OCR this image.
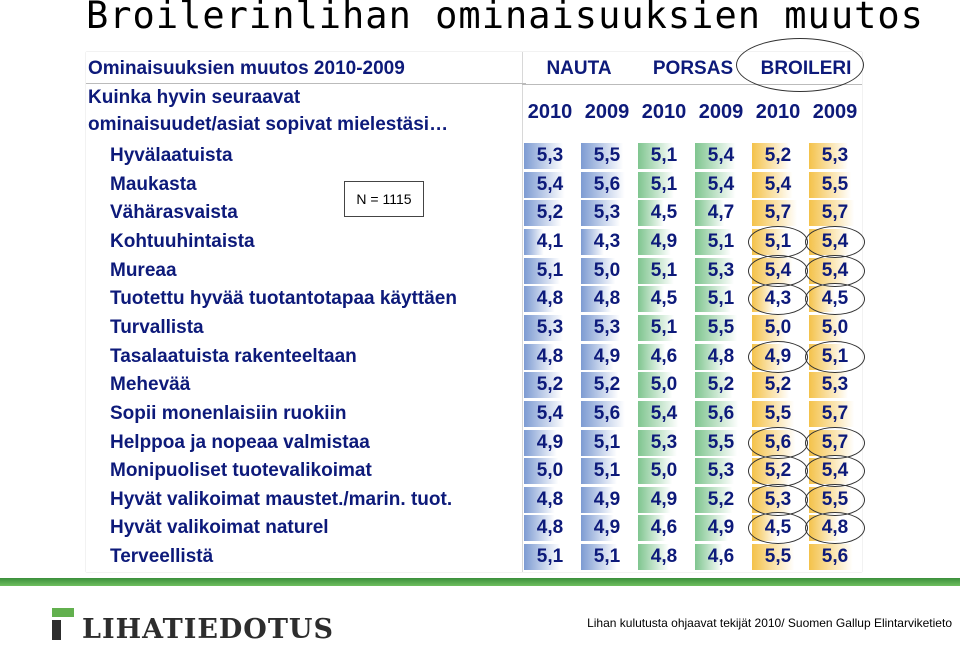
Broilerinlihan ominaisuuksien muutos
Ominaisuuksien muutos 2010-2009
Kuinka hyvin seuraavat
ominaisuudet/asiat sopivat mielestäsi…
NAUTA	PORSAS	BROILERI
2010 2009 2010 2009 2010 2009
Hyvälaatuista	5,3	5,5	5,1	5,4	5,2	5,3
Maukasta	5,4	5,6	5,1	5,4	5,4	5,5
Vähärasvaista	5,2	5,3	4,5	4,7	5,7	5,7
Kohtuuhintaista	4,1	4,3	4,9	5,1	5,1	5,4
Mureaa	5,1	5,0	5,1	5,3	5,4	5,4
Tuotettu hyvää tuotantotapaa käyttäen	4,8	4,8	4,5	5,1	4,3	4,5
Turvallista	5,3	5,3	5,1	5,5	5,0	5,0
Tasalaatuista rakenteeltaan	4,8	4,9	4,6	4,8	4,9	5,1
Mehevää	5,2	5,2	5,0	5,2	5,2	5,3
Sopii monenlaisiin ruokiin	5,4	5,6	5,4	5,6	5,5	5,7
Helppoa ja nopeaa valmistaa	4,9	5,1	5,3	5,5	5,6	5,7
Monipuoliset tuotevalikoimat	5,0	5,1	5,0	5,3	5,2	5,4
Hyvät valikoimat maustet./marin. tuot.	4,8	4,9	4,9	5,2	5,3	5,5
Hyvät valikoimat naturel	4,8	4,9	4,6	4,9	4,5	4,8
Terveellistä	5,1	5,1	4,8	4,6	5,5	5,6
N = 1115
LIHATIEDOTUS	Lihan kulutusta ohjaavat tekijät 2010/ Suomen Gallup Elintarviketieto
